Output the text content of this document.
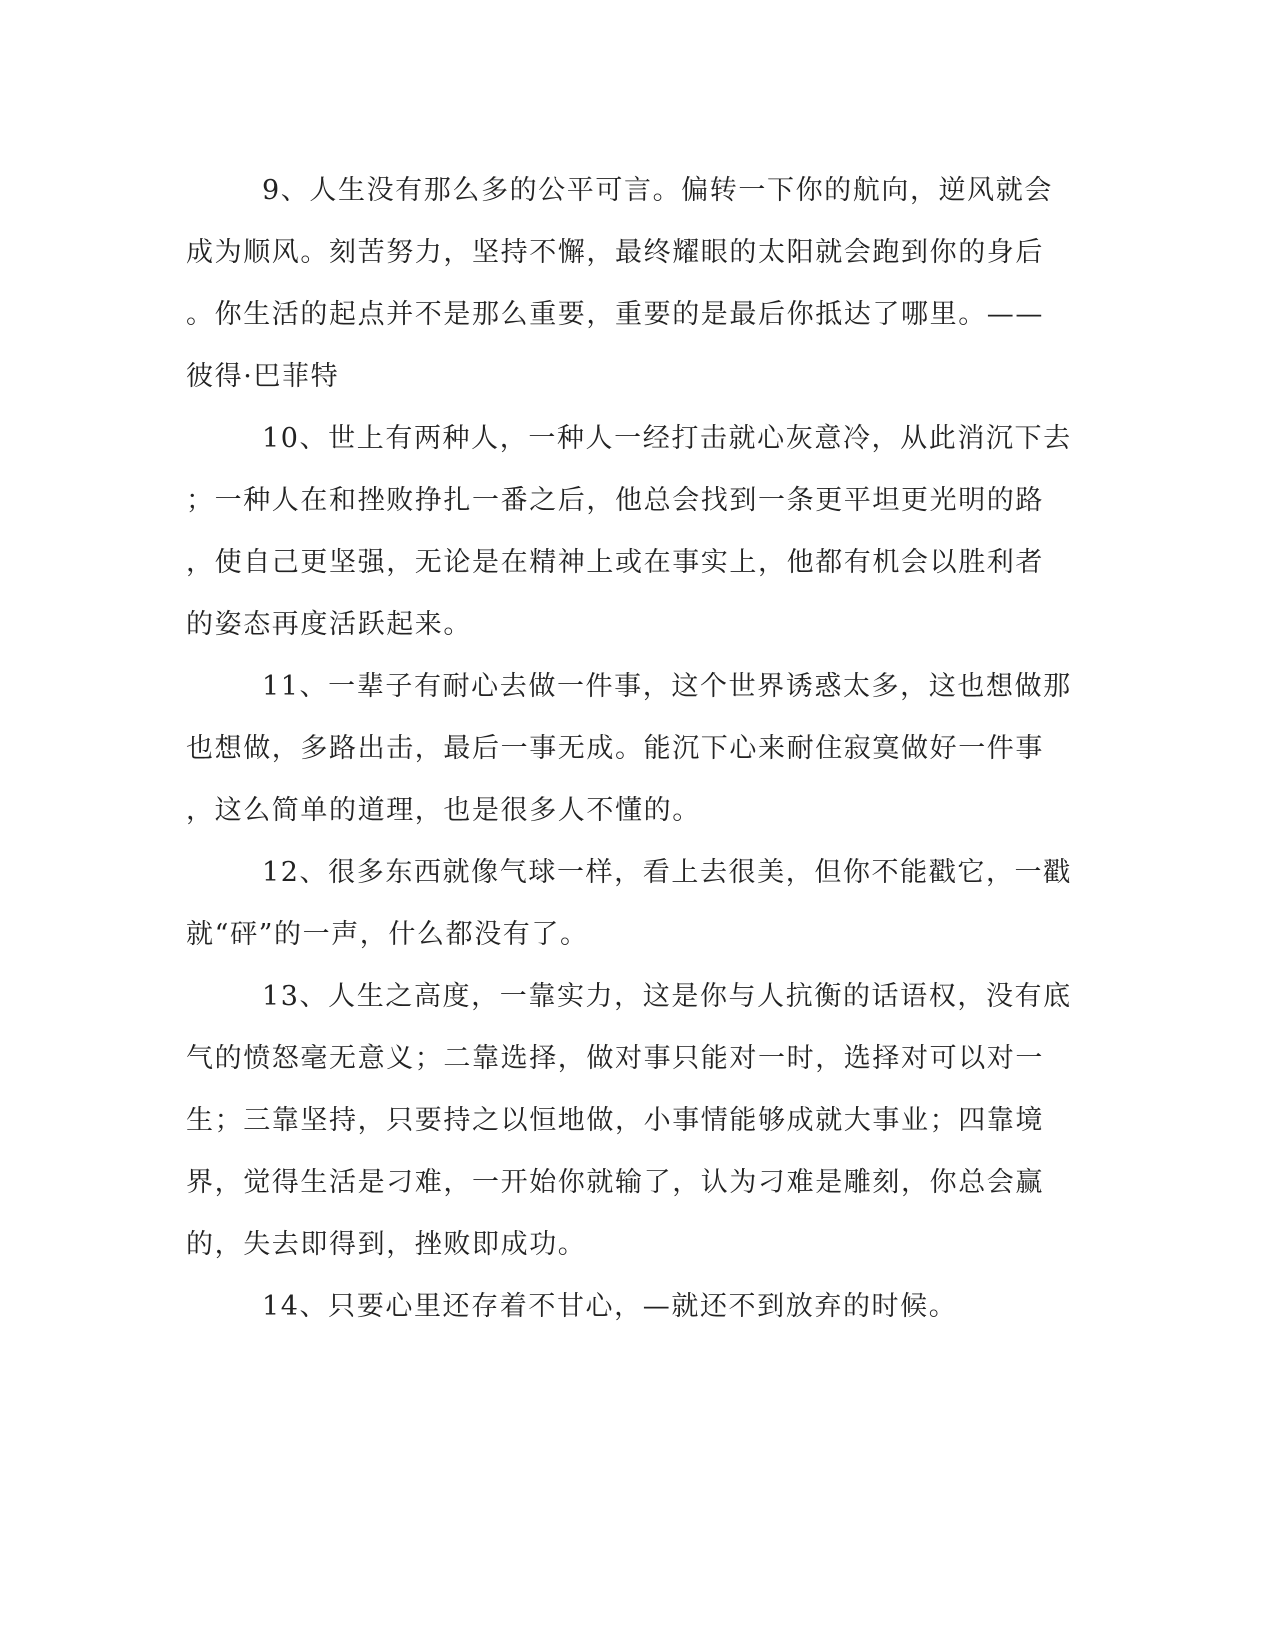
9、人生没有那么多的公平可言。偏转一下你的航向，逆风就会
成为顺风。刻苦努力，坚持不懈，最终耀眼的太阳就会跑到你的身后
。你生活的起点并不是那么重要，重要的是最后你抵达了哪里。——
彼得·巴菲特
10、世上有两种人，一种人一经打击就心灰意冷，从此消沉下去
；一种人在和挫败挣扎一番之后，他总会找到一条更平坦更光明的路
，使自己更坚强，无论是在精神上或在事实上，他都有机会以胜利者
的姿态再度活跃起来。
11、一辈子有耐心去做一件事，这个世界诱惑太多，这也想做那
也想做，多路出击，最后一事无成。能沉下心来耐住寂寞做好一件事
，这么简单的道理，也是很多人不懂的。
12、很多东西就像气球一样，看上去很美，但你不能戳它，一戳
就“砰”的一声，什么都没有了。
13、人生之高度，一靠实力，这是你与人抗衡的话语权，没有底
气的愤怒毫无意义；二靠选择，做对事只能对一时，选择对可以对一
生；三靠坚持，只要持之以恒地做，小事情能够成就大事业；四靠境
界，觉得生活是刁难，一开始你就输了，认为刁难是雕刻，你总会赢
的，失去即得到，挫败即成功。
14、只要心里还存着不甘心，—就还不到放弃的时候。
